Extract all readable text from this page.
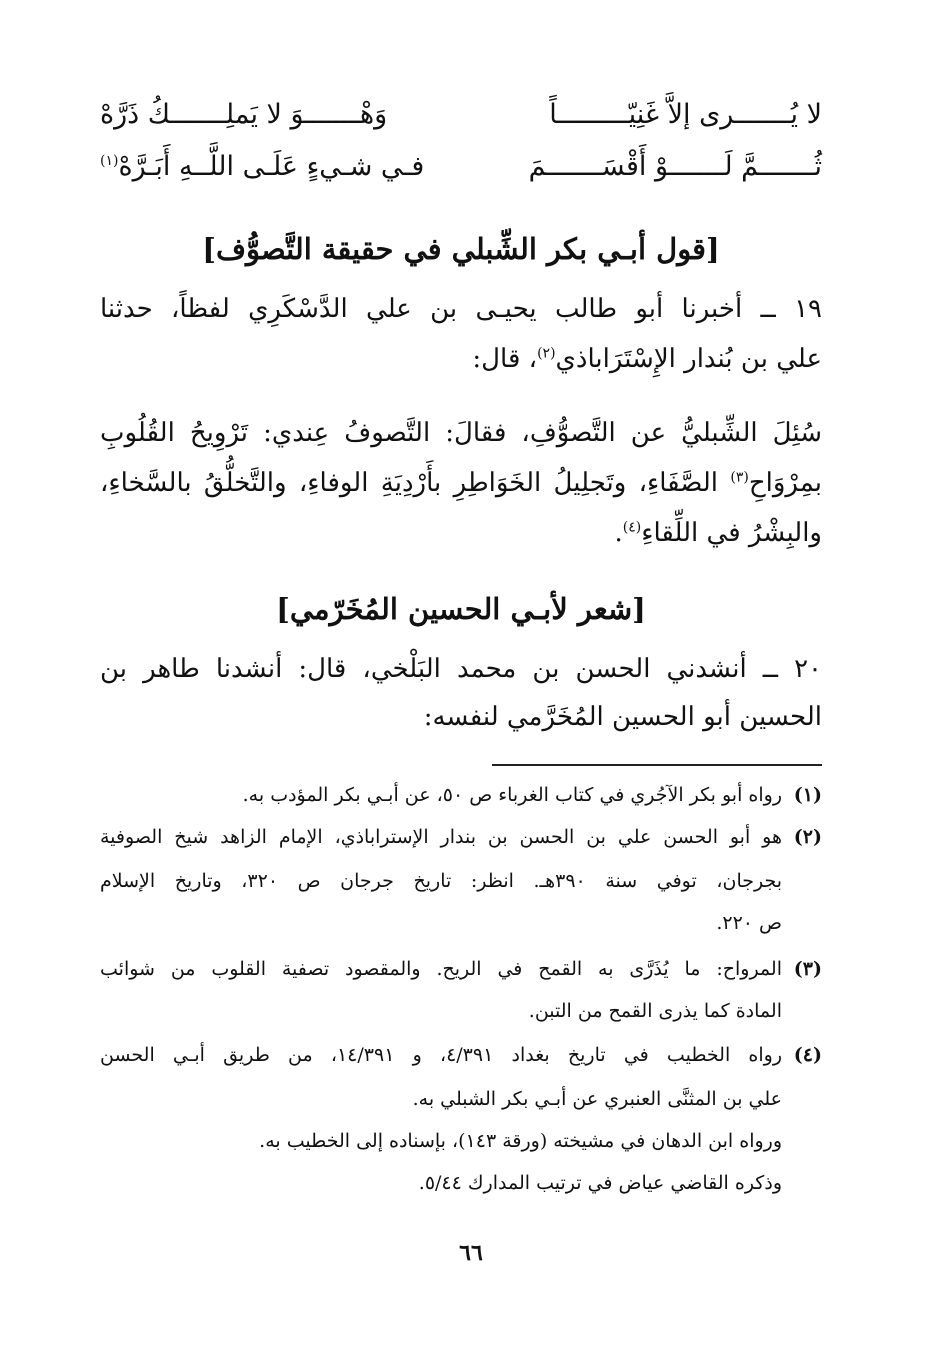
لا يُـــــــرى إلاَّ غَنِيّـــــــــاً
وَهْـــــــوَ لا يَملِـــــــكُ ذَرَّهْ
ثُـــــــمَّ لَـــــــوْ أَقْسَـــــــمَ
فـي شـيءٍ عَلَـى اللَّــهِ أَبَـرَّهْ$^{(١)}$
[قول أبـي بكر الشِّبلي في حقيقة التَّصوُّف]
١٩ ــ أخبرنا أبو طالب يحيـى بن علي الدَّسْكَرِي لفظاً، حدثنا
علي بن بُندار الإِسْتَرَاباذي$^{(٢)}$، قال:
سُئِلَ الشِّبليُّ عن التَّصوُّفِ، فقالَ: التَّصوفُ عِندي: تَرْوِيحُ القُلُوبِ
بمِرْوَاحِ$^{(٣)}$ الصَّفَاءِ، وتَجلِيلُ الخَوَاطِرِ بأَرْدِيَةِ الوفاءِ، والتَّخلُّقُ بالسَّخاءِ،
والبِشْرُ في اللِّقاءِ$^{(٤)}$.
[شعر لأبـي الحسين المُخَرّمي]
٢٠ ــ أنشدني الحسن بن محمد البَلْخي، قال: أنشدنا طاهر بن
الحسين أبو الحسين المُخَرَّمي لنفسه:
(١)
رواه أبو بكر الآجُري في كتاب الغرباء ص ٥٠، عن أبـي بكر المؤدب به.
(٢)
هو أبو الحسن علي بن الحسن بن بندار الإستراباذي، الإمام الزاهد شيخ الصوفية
بجرجان، توفي سنة ٣٩٠هـ. انظر: تاريخ جرجان ص ٣٢٠، وتاريخ الإسلام
ص ٢٢٠.
(٣)
المرواح: ما يُذَرَّى به القمح في الريح. والمقصود تصفية القلوب من شوائب
المادة كما يذرى القمح من التبن.
(٤)
رواه الخطيب في تاريخ بغداد ٤/٣٩١، و ١٤/٣٩١، من طريق أبـي الحسن
علي بن المثنَّى العنبري عن أبـي بكر الشبلي به.
ورواه ابن الدهان في مشيخته (ورقة ١٤٣)، بإسناده إلى الخطيب به.
وذكره القاضي عياض في ترتيب المدارك ٥/٤٤.
٦٦
